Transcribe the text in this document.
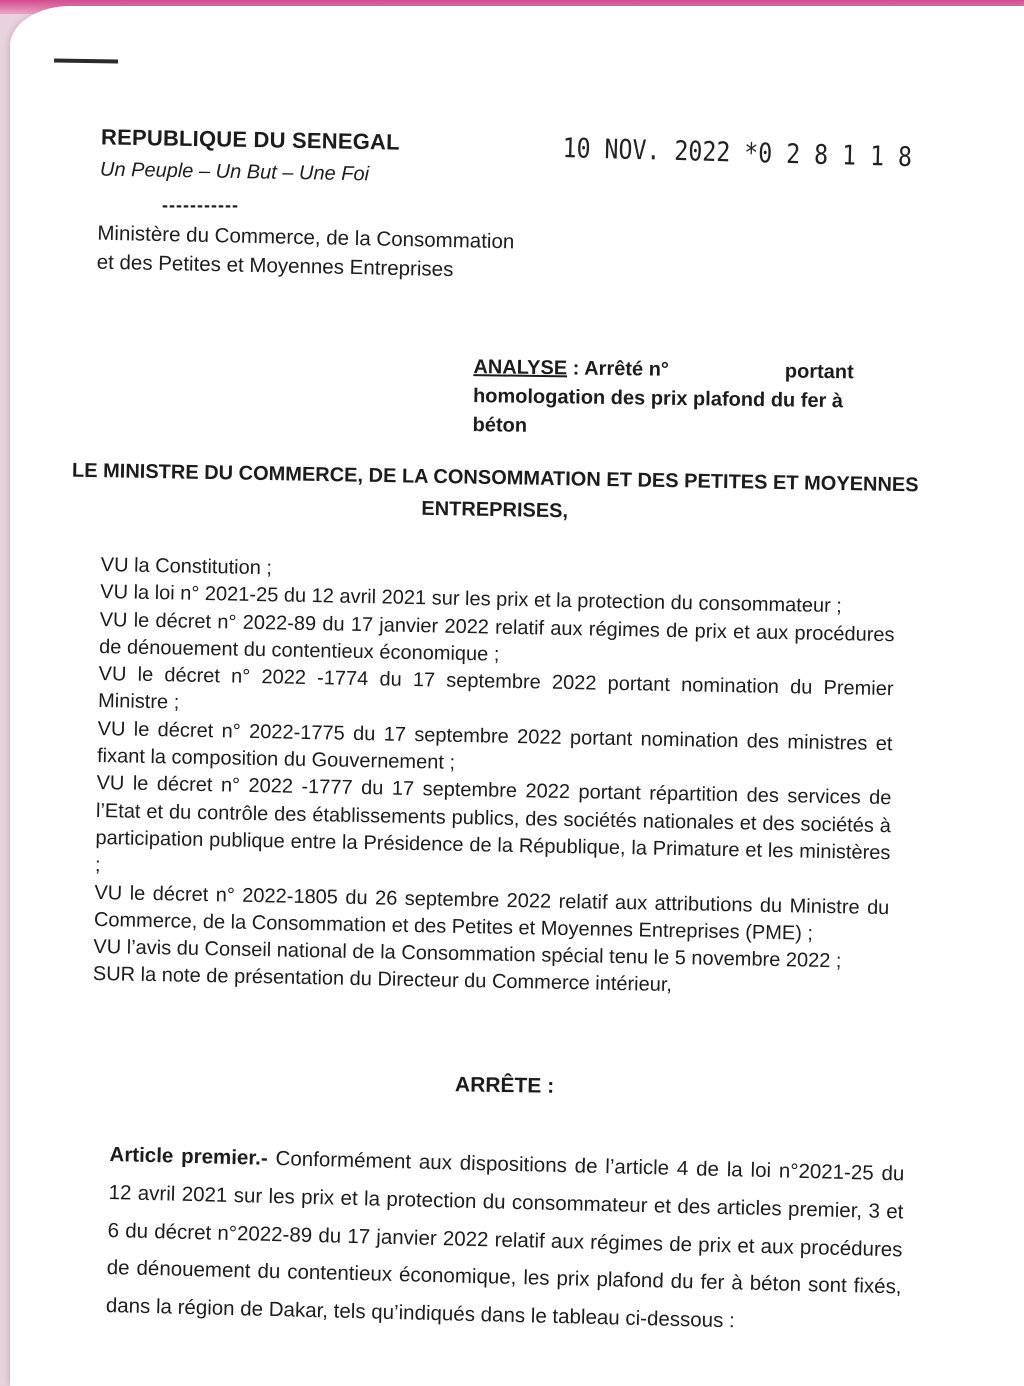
REPUBLIQUE DU SENEGAL
Un Peuple – Un But – Une Foi
-----------
Ministère du Commerce, de la Consommation
et des Petites et Moyennes Entreprises
10 NOV. 2022 *0 2 8 1 1 8
ANALYSE : Arrêté n°	portant homologation des prix plafond du fer à béton
LE MINISTRE DU COMMERCE, DE LA CONSOMMATION ET DES PETITES ET MOYENNES ENTREPRISES,

VU la Constitution ;

VU la loi n° 2021-25 du 12 avril 2021 sur les prix et la protection du consommateur ;

VU le décret n° 2022-89 du 17 janvier 2022 relatif aux régimes de prix et aux procédures de dénouement du contentieux économique ;

VU le décret n° 2022 -1774 du 17 septembre 2022 portant nomination du Premier Ministre ;

VU le décret n° 2022-1775 du 17 septembre 2022 portant nomination des ministres et fixant la composition du Gouvernement ;

VU le décret n° 2022 -1777 du 17 septembre 2022 portant répartition des services de l’Etat et du contrôle des établissements publics, des sociétés nationales et des sociétés à participation publique entre la Présidence de la République, la Primature et les ministères ;

VU le décret n° 2022-1805 du 26 septembre 2022 relatif aux attributions du Ministre du Commerce, de la Consommation et des Petites et Moyennes Entreprises (PME) ;

VU l’avis du Conseil national de la Consommation spécial tenu le 5 novembre 2022 ;

SUR la note de présentation du Directeur du Commerce intérieur,

ARRÊTE :
Article premier.- Conformément aux dispositions de l’article 4 de la loi n°2021-25 du 12 avril 2021 sur les prix et la protection du consommateur et des articles premier, 3 et 6 du décret n°2022-89 du 17 janvier 2022 relatif aux régimes de prix et aux procédures de dénouement du contentieux économique, les prix plafond du fer à béton sont fixés, dans la région de Dakar, tels qu’indiqués dans le tableau ci-dessous :
